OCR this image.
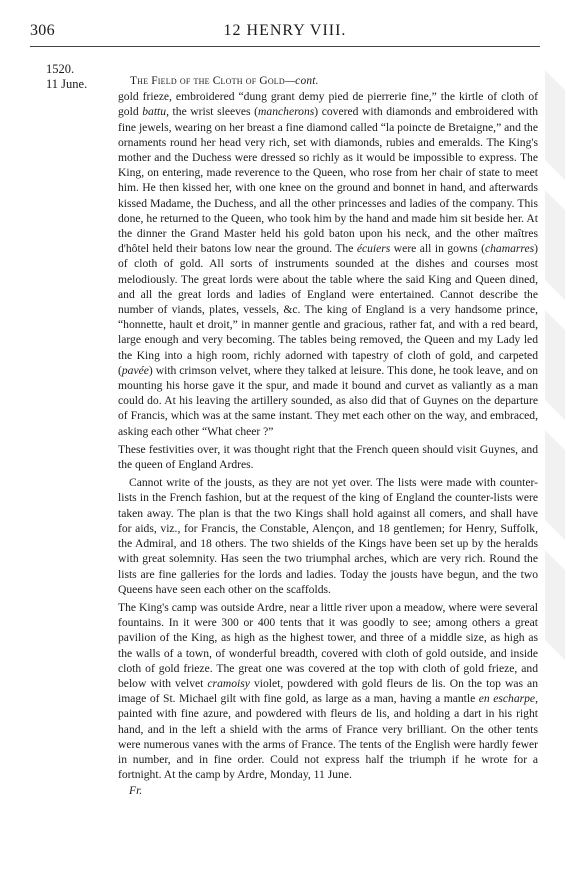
306	12 HENRY VIII.
1520.
11 June.	The Field of the Cloth of Gold—cont.

gold frieze, embroidered “dung grant demy pied de pierrerie fine,” the kirtle of cloth of gold battu, the wrist sleeves (mancherons) covered with diamonds and embroidered with fine jewels, wearing on her breast a fine diamond called “la poincte de Bretaigne,” and the ornaments round her head very rich, set with diamonds, rubies and emeralds. The King's mother and the Duchess were dressed so richly as it would be impossible to express. The King, on entering, made reverence to the Queen, who rose from her chair of state to meet him. He then kissed her, with one knee on the ground and bonnet in hand, and afterwards kissed Madame, the Duchess, and all the other princesses and ladies of the company. This done, he returned to the Queen, who took him by the hand and made him sit beside her. At the dinner the Grand Master held his gold baton upon his neck, and the other maîtres d'hôtel held their batons low near the ground. The écuiers were all in gowns (chamarres) of cloth of gold. All sorts of instruments sounded at the dishes and courses most melodiously. The great lords were about the table where the said King and Queen dined, and all the great lords and ladies of England were entertained. Cannot describe the number of viands, plates, vessels, &c. The king of England is a very handsome prince, “honnette, hault et droit,” in manner gentle and gracious, rather fat, and with a red beard, large enough and very becoming. The tables being removed, the Queen and my Lady led the King into a high room, richly adorned with tapestry of cloth of gold, and carpeted (pavée) with crimson velvet, where they talked at leisure. This done, he took leave, and on mounting his horse gave it the spur, and made it bound and curvet as valiantly as a man could do. At his leaving the artillery sounded, as also did that of Guynes on the departure of Francis, which was at the same instant. They met each other on the way, and embraced, asking each other “What cheer ?”

These festivities over, it was thought right that the French queen should visit Guynes, and the queen of England Ardres.

Cannot write of the jousts, as they are not yet over. The lists were made with counter-lists in the French fashion, but at the request of the king of England the counter-lists were taken away. The plan is that the two Kings shall hold against all comers, and shall have for aids, viz., for Francis, the Constable, Alençon, and 18 gentlemen; for Henry, Suffolk, the Admiral, and 18 others. The two shields of the Kings have been set up by the heralds with great solemnity. Has seen the two triumphal arches, which are very rich. Round the lists are fine galleries for the lords and ladies. Today the jousts have begun, and the two Queens have seen each other on the scaffolds.

The King's camp was outside Ardre, near a little river upon a meadow, where were several fountains. In it were 300 or 400 tents that it was goodly to see; among others a great pavilion of the King, as high as the highest tower, and three of a middle size, as high as the walls of a town, of wonderful breadth, covered with cloth of gold outside, and inside cloth of gold frieze. The great one was covered at the top with cloth of gold frieze, and below with velvet cramoisy violet, powdered with gold fleurs de lis. On the top was an image of St. Michael gilt with fine gold, as large as a man, having a mantle en escharpe, painted with fine azure, and powdered with fleurs de lis, and holding a dart in his right hand, and in the left a shield with the arms of France very brilliant. On the other tents were numerous vanes with the arms of France. The tents of the English were hardly fewer in number, and in fine order. Could not express half the triumph if he wrote for a fortnight. At the camp by Ardre, Monday, 11 June.

Fr.
